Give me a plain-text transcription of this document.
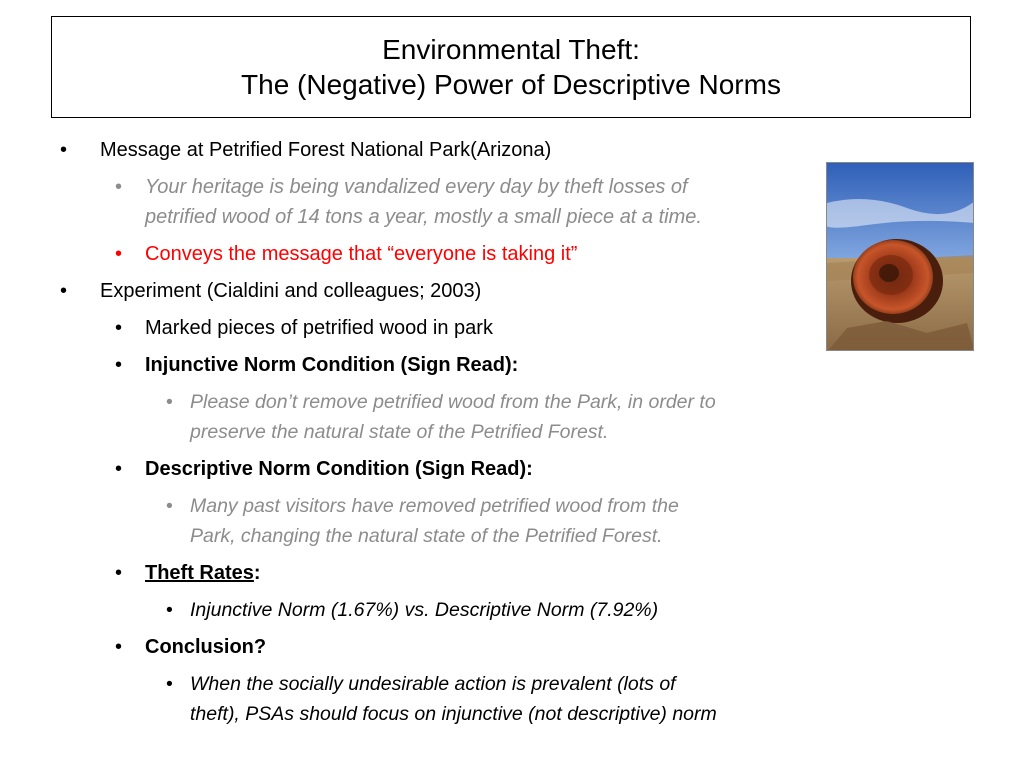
Environmental Theft:
The (Negative) Power of Descriptive Norms
• Message at Petrified Forest National Park(Arizona)
• Your heritage is being vandalized every day by theft losses of
petrified wood of 14 tons a year, mostly a small piece at a time.
• Conveys the message that “everyone is taking it”
• Experiment (Cialdini and colleagues; 2003)
• Marked pieces of petrified wood in park
• Injunctive Norm Condition (Sign Read):
• Please don’t remove petrified wood from the Park, in order to
preserve the natural state of the Petrified Forest.
• Descriptive Norm Condition (Sign Read):
• Many past visitors have removed petrified wood from the
Park, changing the natural state of the Petrified Forest.
• Theft Rates:
• Injunctive Norm (1.67%) vs. Descriptive Norm (7.92%)
• Conclusion?
• When the socially undesirable action is prevalent (lots of
theft), PSAs should focus on injunctive (not descriptive) norm
